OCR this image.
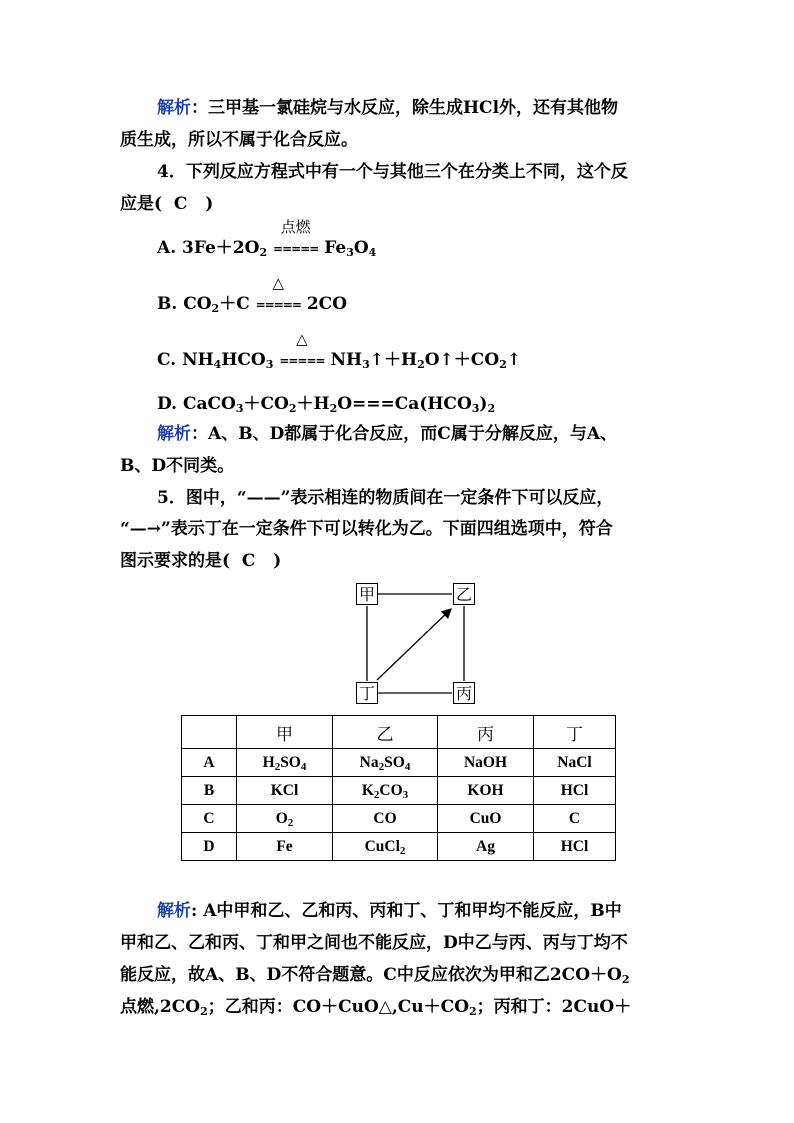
解析：三甲基一氯硅烷与水反应，除生成HCl外，还有其他物
质生成，所以不属于化合反应。
4．下列反应方程式中有一个与其他三个在分类上不同，这个反
应是( C )
A. $3Fe+2O_2$
点燃
===== $Fe_3O_4$
B. $CO_2+C$
△
===== 2CO
C. $NH_4HCO_3$
△
===== $NH_3↑+H_2O↑+CO_2↑$
D. $CaCO_3+CO_2+H_2O===Ca(HCO_3)_2$
解析：A、B、D都属于化合反应，而C属于分解反应，与A、
B、D不同类。
5．图中，“——”表示相连的物质间在一定条件下可以反应，
“—→”表示丁在一定条件下可以转化为乙。下面四组选项中，符合
图示要求的是( C )
甲	乙
丁	丙
	甲	乙	丙	丁
A	$H_2SO_4$	$Na_2SO_4$	NaOH	NaCl
B	KCl	$K_2CO_3$	KOH	HCl
C	$O_2$	CO	CuO	C
D	Fe	CuCl$_2$	Ag	HCl
解析: A中甲和乙、乙和丙、丙和丁、丁和甲均不能反应，B中
甲和乙、乙和丙、丁和甲之间也不能反应，D中乙与丙、丙与丁均不
能反应，故A、B、D不符合题意。C中反应依次为甲和乙$2CO+O_2$
点燃$,2CO_2$；乙和丙：$CO+CuO\triangle,Cu+CO_2$；丙和丁：2CuO＋
